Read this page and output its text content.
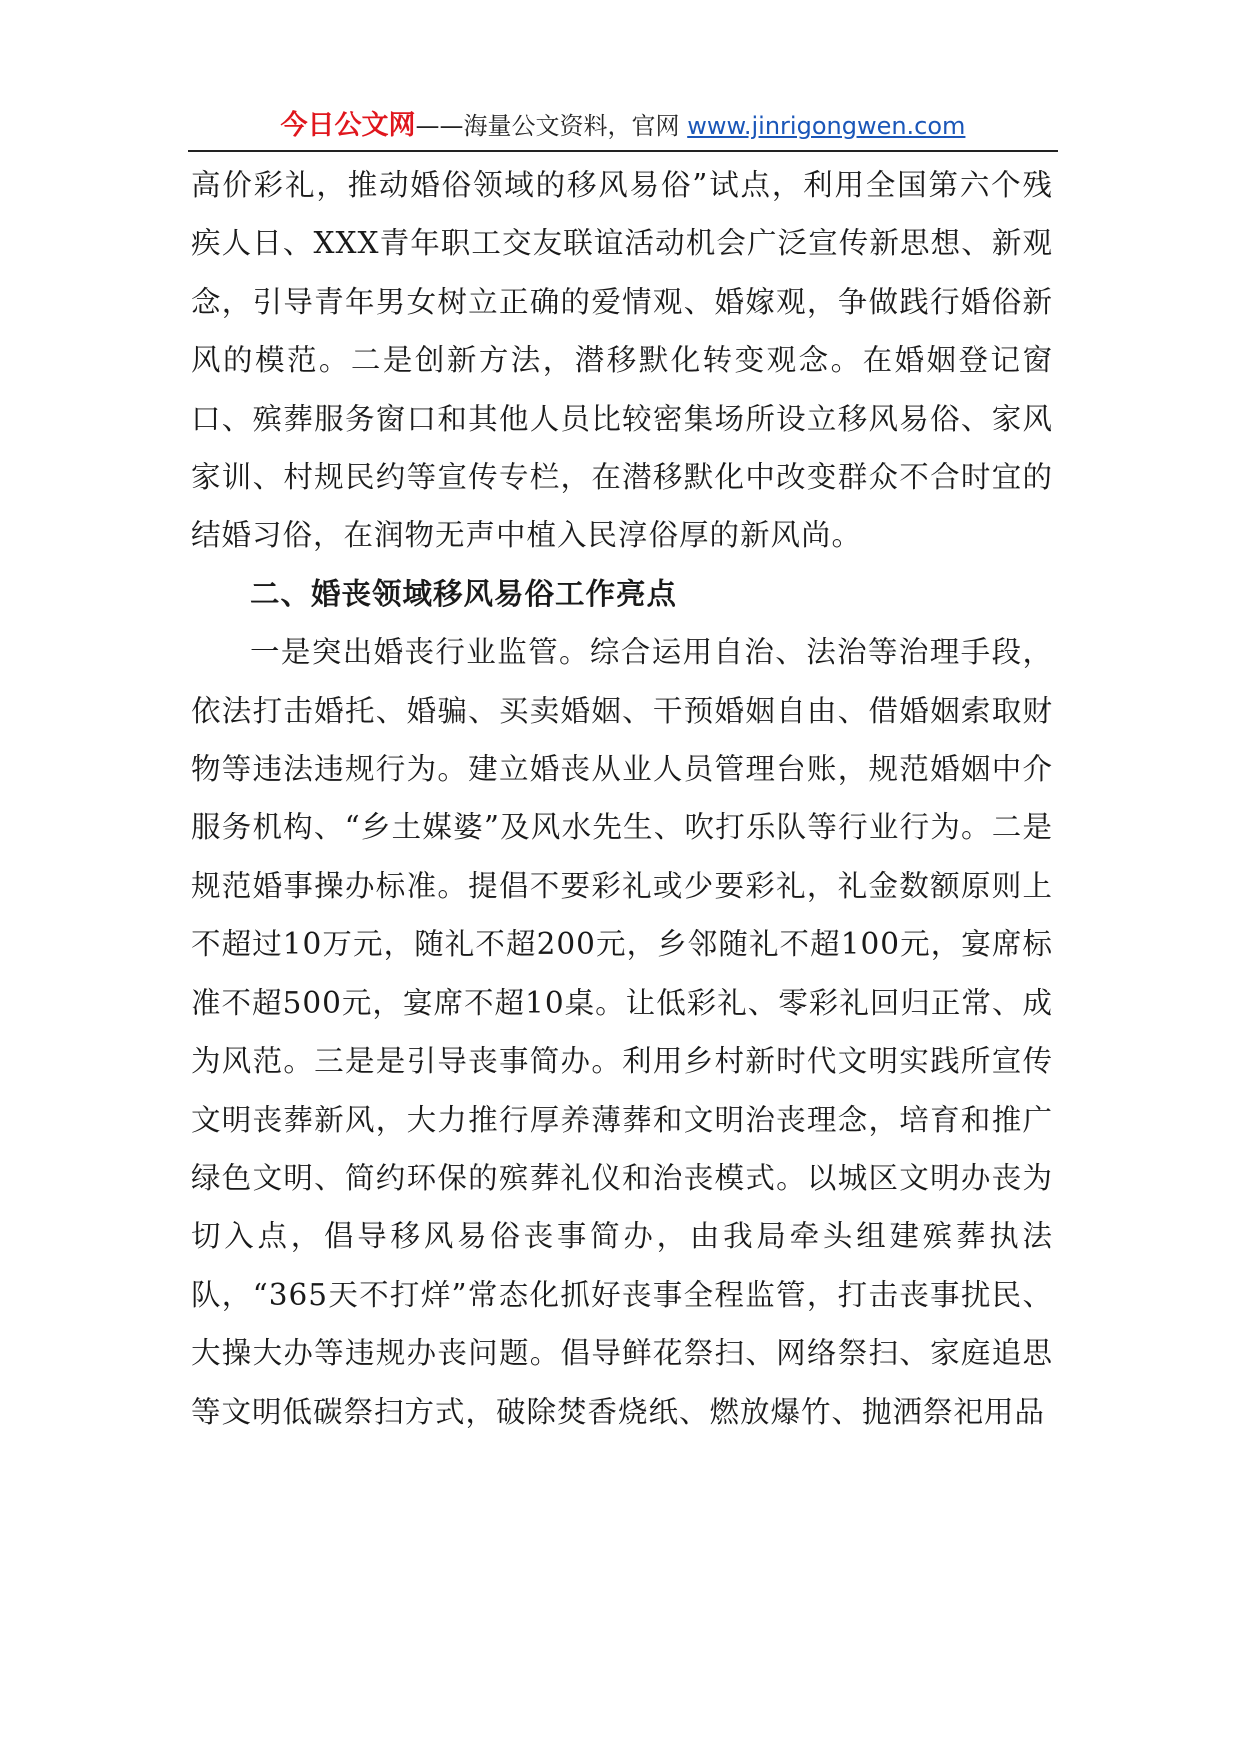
今日公文网——海量公文资料，官网 www.jinrigongwen.com

高价彩礼，推动婚俗领域的移风易俗”试点，利用全国第六个残疾人日、XXX青年职工交友联谊活动机会广泛宣传新思想、新观念，引导青年男女树立正确的爱情观、婚嫁观，争做践行婚俗新风的模范。二是创新方法，潜移默化转变观念。在婚姻登记窗口、殡葬服务窗口和其他人员比较密集场所设立移风易俗、家风家训、村规民约等宣传专栏，在潜移默化中改变群众不合时宜的结婚习俗，在润物无声中植入民淳俗厚的新风尚。

二、婚丧领域移风易俗工作亮点

一是突出婚丧行业监管。综合运用自治、法治等治理手段，依法打击婚托、婚骗、买卖婚姻、干预婚姻自由、借婚姻索取财物等违法违规行为。建立婚丧从业人员管理台账，规范婚姻中介服务机构、“乡土媒婆”及风水先生、吹打乐队等行业行为。二是规范婚事操办标准。提倡不要彩礼或少要彩礼，礼金数额原则上不超过10万元，随礼不超200元，乡邻随礼不超100元，宴席标准不超500元，宴席不超10桌。让低彩礼、零彩礼回归正常、成为风范。三是是引导丧事简办。利用乡村新时代文明实践所宣传文明丧葬新风，大力推行厚养薄葬和文明治丧理念，培育和推广绿色文明、简约环保的殡葬礼仪和治丧模式。以城区文明办丧为切入点，倡导移风易俗丧事简办，由我局牵头组建殡葬执法队，“365天不打烊”常态化抓好丧事全程监管，打击丧事扰民、大操大办等违规办丧问题。倡导鲜花祭扫、网络祭扫、家庭追思等文明低碳祭扫方式，破除焚香烧纸、燃放爆竹、抛洒祭祀用品
